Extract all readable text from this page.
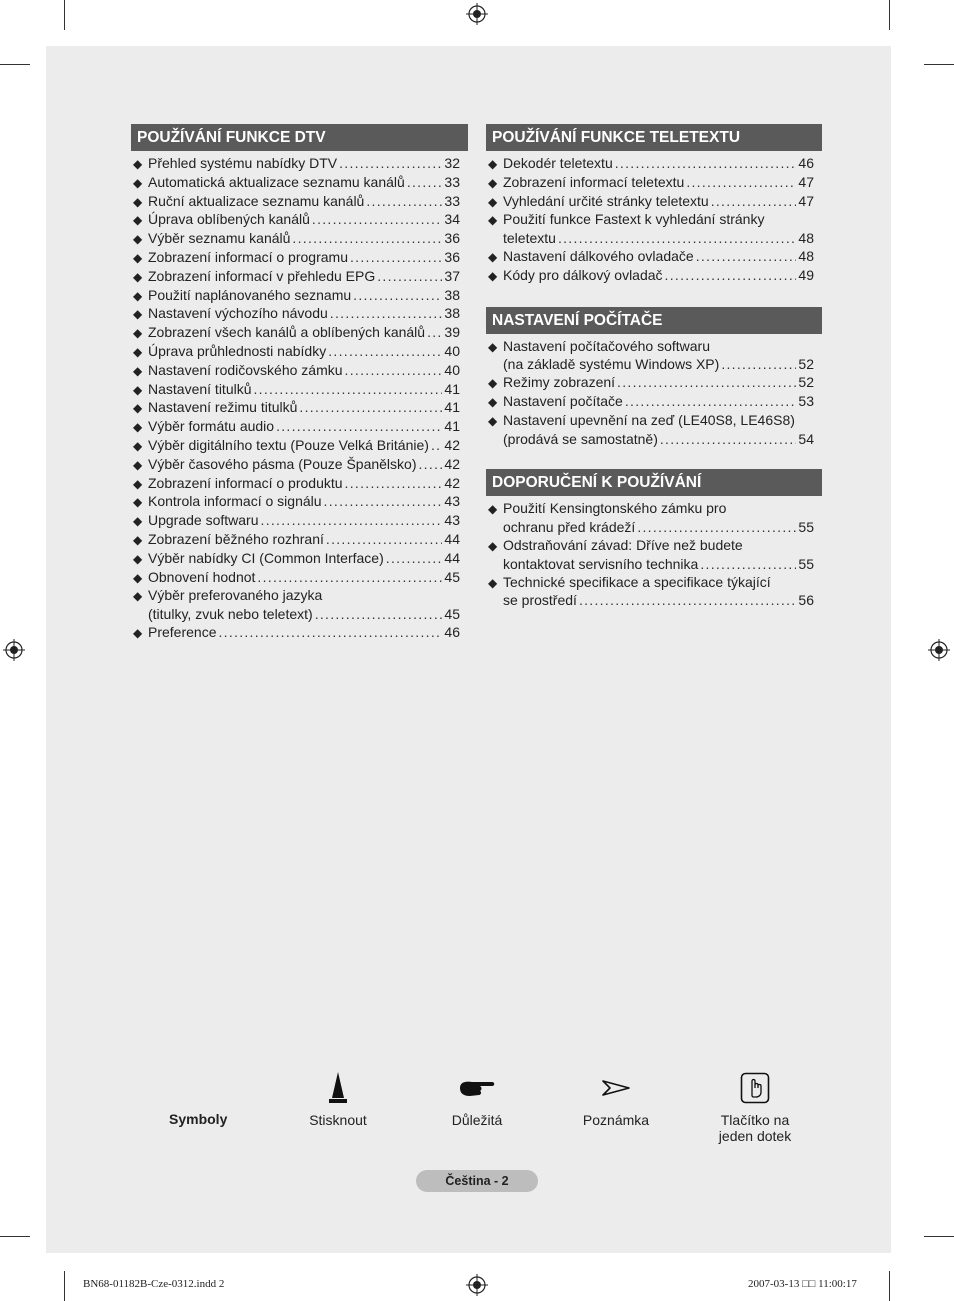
POUŽÍVÁNÍ FUNKCE DTV
◆ Přehled systému nabídky DTV . . .	32
◆ Automatická aktualizace seznamu kanálů . . .	33
◆ Ruční aktualizace seznamu kanálů . . .	33
◆ Úprava oblíbených kanálů . . .	34
◆ Výběr seznamu kanálů . . .	36
◆ Zobrazení informací o programu . . .	36
◆ Zobrazení informací v přehledu EPG . . .	37
◆ Použití naplánovaného seznamu . . .	38
◆ Nastavení výchozího návodu . . .	38
◆ Zobrazení všech kanálů a oblíbených kanálů . . . 39
◆ Úprava průhlednosti nabídky . . .	40
◆ Nastavení rodičovského zámku . . .	40
◆ Nastavení titulků . . .	41
◆ Nastavení režimu titulků . . .	41
◆ Výběr formátu audio . . .	41
◆ Výběr digitálního textu (Pouze Velká Británie) . . . 42
◆ Výběr časového pásma (Pouze Španělsko) . . . 42
◆ Zobrazení informací o produktu . . .	42
◆ Kontrola informací o signálu . . .	43
◆ Upgrade softwaru . . .	43
◆ Zobrazení běžného rozhraní . . .	44
◆ Výběr nabídky CI (Common Interface) . . .	44
◆ Obnovení hodnot . . .	45
◆ Výběr preferovaného jazyka
(titulky, zvuk nebo teletext) . . .	45
◆ Preference . . .	46
POUŽÍVÁNÍ FUNKCE TELETEXTU
◆ Dekodér teletextu . . .	46
◆ Zobrazení informací teletextu . . .	47
◆ Vyhledání určité stránky teletextu . . .	47
◆ Použití funkce Fastext k vyhledání stránky
teletextu . . .	48
◆ Nastavení dálkového ovladače . . .	48
◆ Kódy pro dálkový ovladač . . .	49
NASTAVENÍ POČÍTAČE
◆ Nastavení počítačového softwaru
(na základě systému Windows XP) . . .	52
◆ Režimy zobrazení . . .	52
◆ Nastavení počítače . . .	53
◆ Nastavení upevnění na zeď (LE40S8, LE46S8)
(prodává se samostatně) . . .	54
DOPORUČENÍ K POUŽÍVÁNÍ
◆ Použití Kensingtonského zámku pro
ochranu před krádeží . . .	55
◆ Odstraňování závad: Dříve než budete
kontaktovat servisního technika . . .	55
◆ Technické specifikace a specifikace týkající
se prostředí . . .	56
Symboly	Stisknout	Důležitá	Poznámka	Tlačítko na
jeden dotek
Čeština - 2
BN68-01182B-Cze-0312.indd 2	2007-03-13 □□ 11:00:17
